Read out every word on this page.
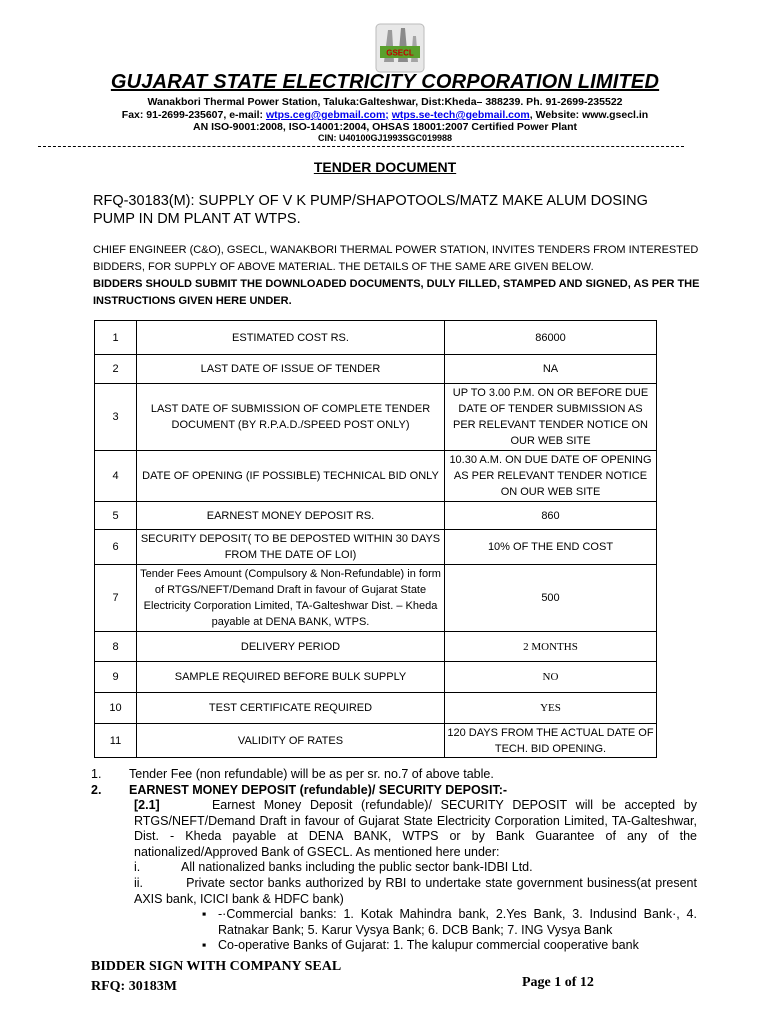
GSECL
GUJARAT STATE ELECTRICITY CORPORATION LIMITED
Wanakbori Thermal Power Station, Taluka:Galteshwar, Dist:Kheda– 388239. Ph. 91-2699-235522
Fax: 91-2699-235607, e-mail: wtps.ceg@gebmail.com; wtps.se-tech@gebmail.com, Website: www.gsecl.in
AN ISO-9001:2008, ISO-14001:2004, OHSAS 18001:2007 Certified Power Plant
CIN: U40100GJ1993SGC019988
TENDER DOCUMENT
RFQ-30183(M): SUPPLY OF V K PUMP/SHAPOTOOLS/MATZ MAKE ALUM DOSING PUMP IN DM PLANT AT WTPS.
CHIEF ENGINEER (C&O), GSECL, WANAKBORI THERMAL POWER STATION, INVITES TENDERS FROM INTERESTED BIDDERS, FOR SUPPLY OF ABOVE MATERIAL. THE DETAILS OF THE SAME ARE GIVEN BELOW.
BIDDERS SHOULD SUBMIT THE DOWNLOADED DOCUMENTS, DULY FILLED, STAMPED AND SIGNED, AS PER THE INSTRUCTIONS GIVEN HERE UNDER.
1	ESTIMATED COST RS.	86000
2	LAST DATE OF ISSUE OF TENDER	NA
3	LAST DATE OF SUBMISSION OF COMPLETE TENDER DOCUMENT (BY R.P.A.D./SPEED POST ONLY)	UP TO 3.00 P.M. ON OR BEFORE DUE DATE OF TENDER SUBMISSION AS PER RELEVANT TENDER NOTICE ON OUR WEB SITE
4	DATE OF OPENING (IF POSSIBLE) TECHNICAL BID ONLY	10.30 A.M. ON DUE DATE OF OPENING AS PER RELEVANT TENDER NOTICE ON OUR WEB SITE
5	EARNEST MONEY DEPOSIT RS.	860
6	SECURITY DEPOSIT( TO BE DEPOSTED WITHIN 30 DAYS FROM THE DATE OF LOI)	10% OF THE END COST
7	Tender Fees Amount (Compulsory & Non-Refundable) in form of RTGS/NEFT/Demand Draft in favour of Gujarat State Electricity Corporation Limited, TA-Galteshwar Dist. – Kheda payable at DENA BANK, WTPS.	500
8	DELIVERY PERIOD	2 MONTHS
9	SAMPLE REQUIRED BEFORE BULK SUPPLY	NO
10	TEST CERTIFICATE REQUIRED	YES
11	VALIDITY OF RATES	120 DAYS FROM THE ACTUAL DATE OF TECH. BID OPENING.
1. Tender Fee (non refundable) will be as per sr. no.7 of above table.
2. EARNEST MONEY DEPOSIT (refundable)/ SECURITY DEPOSIT:-
[2.1]	Earnest Money Deposit (refundable)/ SECURITY DEPOSIT will be accepted by RTGS/NEFT/Demand Draft in favour of Gujarat State Electricity Corporation Limited, TA-Galteshwar, Dist. - Kheda payable at DENA BANK, WTPS or by Bank Guarantee of any of the nationalized/Approved Bank of GSECL. As mentioned here under:
i.	All nationalized banks including the public sector bank-IDBI Ltd.
ii.	Private sector banks authorized by RBI to undertake state government business(at present AXIS bank, ICICI bank & HDFC bank)
▪ -·Commercial banks: 1. Kotak Mahindra bank, 2.Yes Bank, 3. Indusind Bank·, 4. Ratnakar Bank; 5. Karur Vysya Bank; 6. DCB Bank; 7. ING Vysya Bank
▪ Co-operative Banks of Gujarat: 1. The kalupur commercial cooperative bank
BIDDER SIGN WITH COMPANY SEAL
RFQ: 30183M	Page 1 of 12
